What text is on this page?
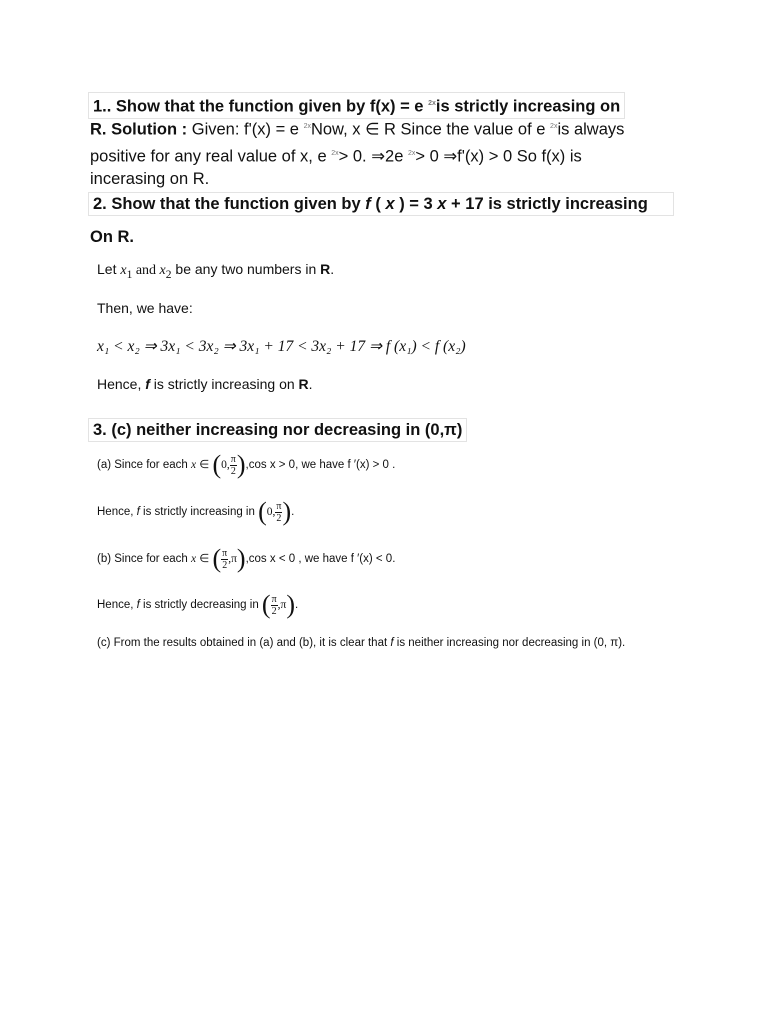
1.. Show that the function given by f(x) = e $^{2x}$is strictly increasing on
R. Solution : Given: f'(x) = e $^{2x}$Now, x ∈ R Since the value of e $^{2x}$is always
positive for any real value of x, e $^{2x}$> 0. ⇒2e $^{2x}$> 0 ⇒f'(x) > 0 So f(x) is
incerasing on R.
2. Show that the function given by f ( x ) = 3 x + 17 is strictly increasing
On R.
Let $x_1$ and $x_2$ be any two numbers in R.
Then, we have:
x₁ < x₂ ⇒ 3x₁ < 3x₂ ⇒ 3x₁ + 17 < 3x₂ + 17 ⇒ f (x₁) < f (x₂)
Hence, f is strictly increasing on R.
3. (c) neither increasing nor decreasing in (0,π)
(a) Since for each x ∈ (0, $\frac{\pi}{2} ),\cos$ x > 0, we have f ′(x) > 0 .
Hence, f is strictly increasing in (0, $\frac{\pi}{2}$ ).
(b) Since for each x ∈ ( $\frac{\pi}{2} ,\pi),\cos$ x < 0 , we have f ′(x) < 0.
Hence, f is strictly decreasing in ( $\frac{\pi}{2} ,\pi$).
(c) From the results obtained in (a) and (b), it is clear that f is neither increasing nor decreasing in (0, π).
